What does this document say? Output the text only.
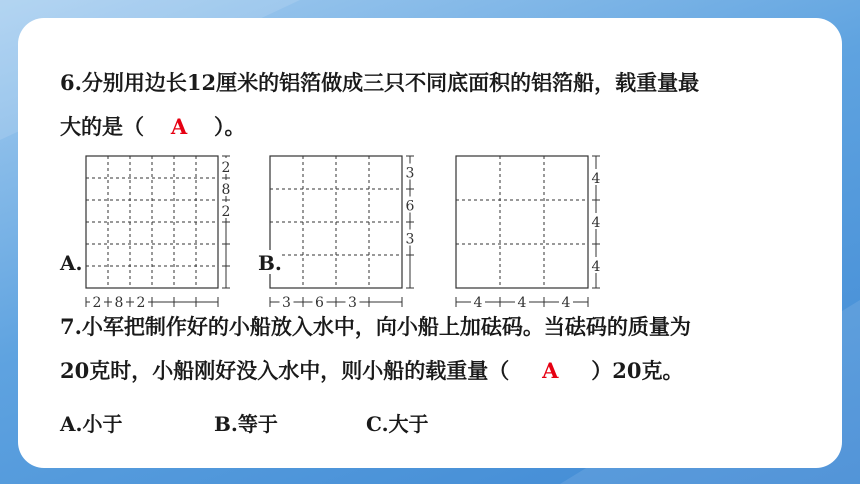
6.分别用边长12厘米的铝箔做成三只不同底面积的铝箔船，载重量最
大的是（ A ）。
2
8
2
2 8 2
A.
3
6
3
3 6 3
B.
4
4
4
4	4	4
7.小军把制作好的小船放入水中，向小船上加砝码。当砝码的质量为
20克时，小船刚好没入水中，则小船的载重量（ A ）20克。
A.小于	B.等于	C.大于
